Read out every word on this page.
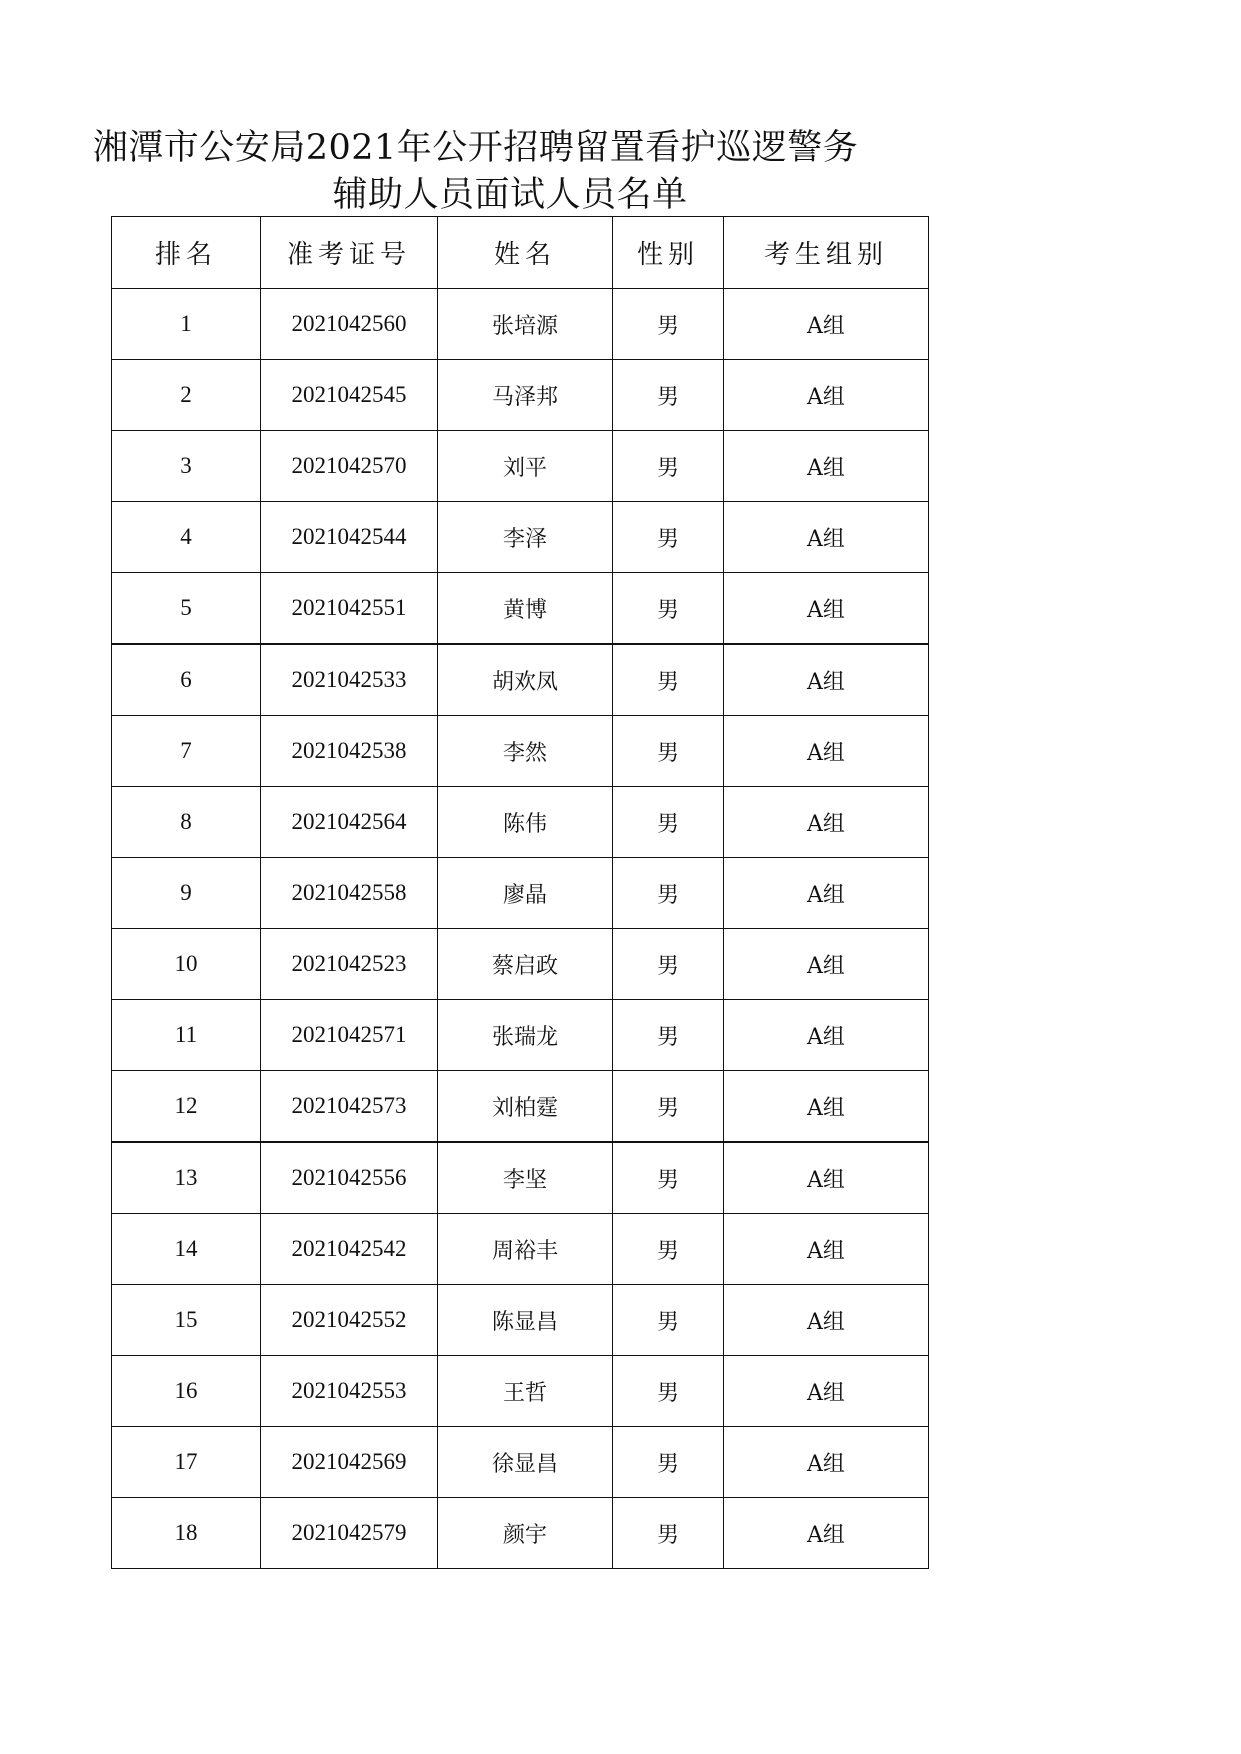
湘潭市公安局2021年公开招聘留置看护巡逻警务
辅助人员面试人员名单
排名	准考证号	姓名	性别	考生组别
1	2021042560	张培源	男	A组
2	2021042545	马泽邦	男	A组
3	2021042570	刘平	男	A组
4	2021042544	李泽	男	A组
5	2021042551	黄博	男	A组
6	2021042533	胡欢凤	男	A组
7	2021042538	李然	男	A组
8	2021042564	陈伟	男	A组
9	2021042558	廖晶	男	A组
10	2021042523	蔡启政	男	A组
11	2021042571	张瑞龙	男	A组
12	2021042573	刘柏霆	男	A组
13	2021042556	李坚	男	A组
14	2021042542	周裕丰	男	A组
15	2021042552	陈显昌	男	A组
16	2021042553	王哲	男	A组
17	2021042569	徐显昌	男	A组
18	2021042579	颜宇	男	A组
